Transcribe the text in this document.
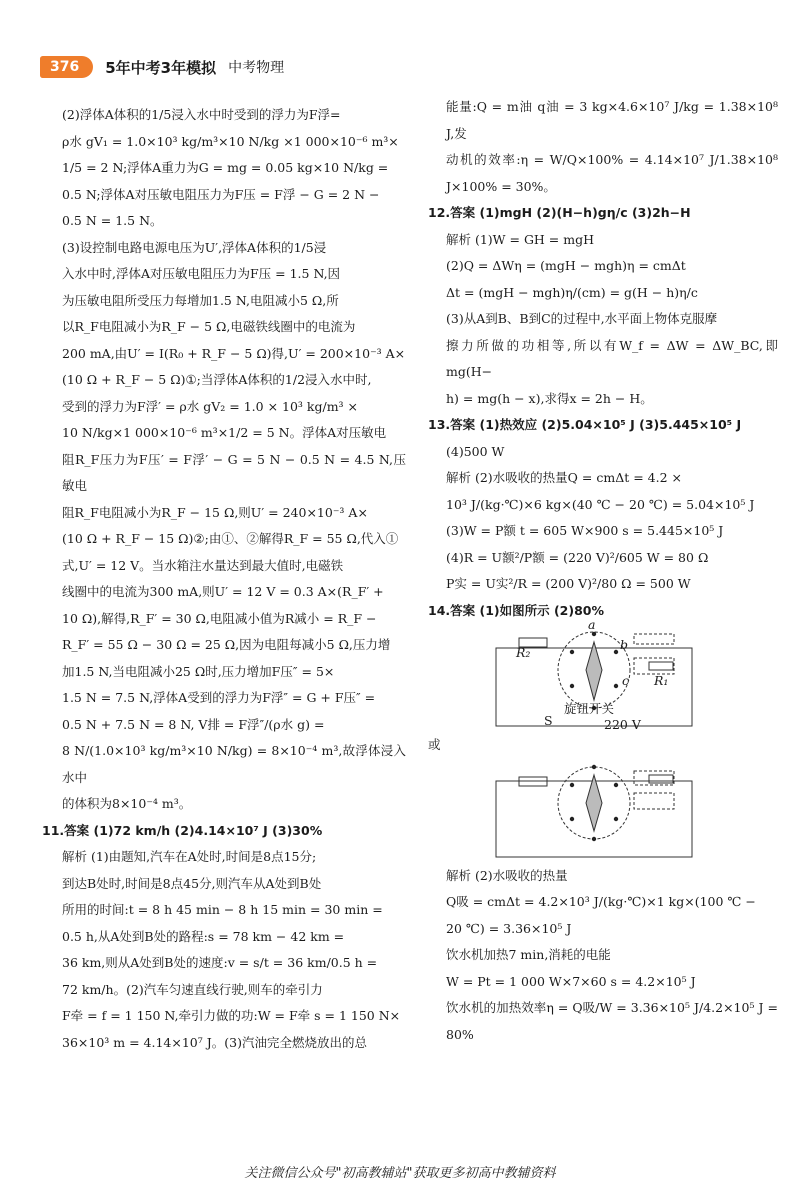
376	5年中考3年模拟 中考物理

(2)浮体A体积的1/5浸入水中时受到的浮力为F浮=

ρ水 gV₁ = 1.0×10³ kg/m³×10 N/kg ×1 000×10⁻⁶ m³×

1/5 = 2 N;浮体A重力为G = mg = 0.05 kg×10 N/kg =

0.5 N;浮体A对压敏电阻压力为F压 = F浮 − G = 2 N −

0.5 N = 1.5 N。

(3)设控制电路电源电压为U′,浮体A体积的1/5浸

入水中时,浮体A对压敏电阻压力为F压 = 1.5 N,因

为压敏电阻所受压力每增加1.5 N,电阻减小5 Ω,所

以R_F电阻减小为R_F − 5 Ω,电磁铁线圈中的电流为

200 mA,由U′ = I(R₀ + R_F − 5 Ω)得,U′ = 200×10⁻³ A×

(10 Ω + R_F − 5 Ω)①;当浮体A体积的1/2浸入水中时,

受到的浮力为F浮′ = ρ水 gV₂ = 1.0 × 10³ kg/m³ ×

10 N/kg×1 000×10⁻⁶ m³×1/2 = 5 N。浮体A对压敏电

阻R_F压力为F压′ = F浮′ − G = 5 N − 0.5 N = 4.5 N,压敏电

阻R_F电阻减小为R_F − 15 Ω,则U′ = 240×10⁻³ A×

(10 Ω + R_F − 15 Ω)②;由①、②解得R_F = 55 Ω,代入①

式,U′ = 12 V。当水箱注水量达到最大值时,电磁铁

线圈中的电流为300 mA,则U′ = 12 V = 0.3 A×(R_F′ +

10 Ω),解得,R_F′ = 30 Ω,电阻减小值为R减小 = R_F −

R_F′ = 55 Ω − 30 Ω = 25 Ω,因为电阻每减小5 Ω,压力增

加1.5 N,当电阻减小25 Ω时,压力增加F压″ = 5×

1.5 N = 7.5 N,浮体A受到的浮力为F浮″ = G + F压″ =

0.5 N + 7.5 N = 8 N, V排 = F浮″/(ρ水 g) =

8 N/(1.0×10³ kg/m³×10 N/kg) = 8×10⁻⁴ m³,故浮体浸入水中

的体积为8×10⁻⁴ m³。

11.答案 (1)72 km/h (2)4.14×10⁷ J (3)30%

解析 (1)由题知,汽车在A处时,时间是8点15分;

到达B处时,时间是8点45分,则汽车从A处到B处

所用的时间:t = 8 h 45 min − 8 h 15 min = 30 min =

0.5 h,从A处到B处的路程:s = 78 km − 42 km =

36 km,则从A处到B处的速度:v = s/t = 36 km/0.5 h =

72 km/h。(2)汽车匀速直线行驶,则车的牵引力

F牵 = f = 1 150 N,牵引力做的功:W = F牵 s = 1 150 N×

36×10³ m = 4.14×10⁷ J。(3)汽油完全燃烧放出的总

能量:Q = m油 q油 = 3 kg×4.6×10⁷ J/kg = 1.38×10⁸ J,发

动机的效率:η = W/Q×100% = 4.14×10⁷ J/1.38×10⁸ J×100% = 30%。

12.答案 (1)mgH (2)(H−h)gη/c (3)2h−H

解析 (1)W = GH = mgH

(2)Q = ΔWη = (mgH − mgh)η = cmΔt

Δt = (mgH − mgh)η/(cm) = g(H − h)η/c

(3)从A到B、B到C的过程中,水平面上物体克服摩

擦力所做的功相等,所以有W_f = ΔW = ΔW_BC,即mg(H−

h) = mg(h − x),求得x = 2h − H。

13.答案 (1)热效应 (2)5.04×10⁵ J (3)5.445×10⁵ J

(4)500 W

解析 (2)水吸收的热量Q = cmΔt = 4.2 ×

10³ J/(kg·℃)×6 kg×(40 ℃ − 20 ℃) = 5.04×10⁵ J

(3)W = P额 t = 605 W×900 s = 5.445×10⁵ J

(4)R = U额²/P额 = (220 V)²/605 W = 80 Ω

P实 = U实²/R = (200 V)²/80 Ω = 500 W

14.答案 (1)如图所示 (2)80%

R₂
R₁
a
b
c
旋钮开关
S	220 V

或

解析 (2)水吸收的热量

Q吸 = cmΔt = 4.2×10³ J/(kg·℃)×1 kg×(100 ℃ −

20 ℃) = 3.36×10⁵ J

饮水机加热7 min,消耗的电能

W = Pt = 1 000 W×7×60 s = 4.2×10⁵ J

饮水机的加热效率η = Q吸/W = 3.36×10⁵ J/4.2×10⁵ J = 80%

关注微信公众号"初高教辅站"获取更多初高中教辅资料
